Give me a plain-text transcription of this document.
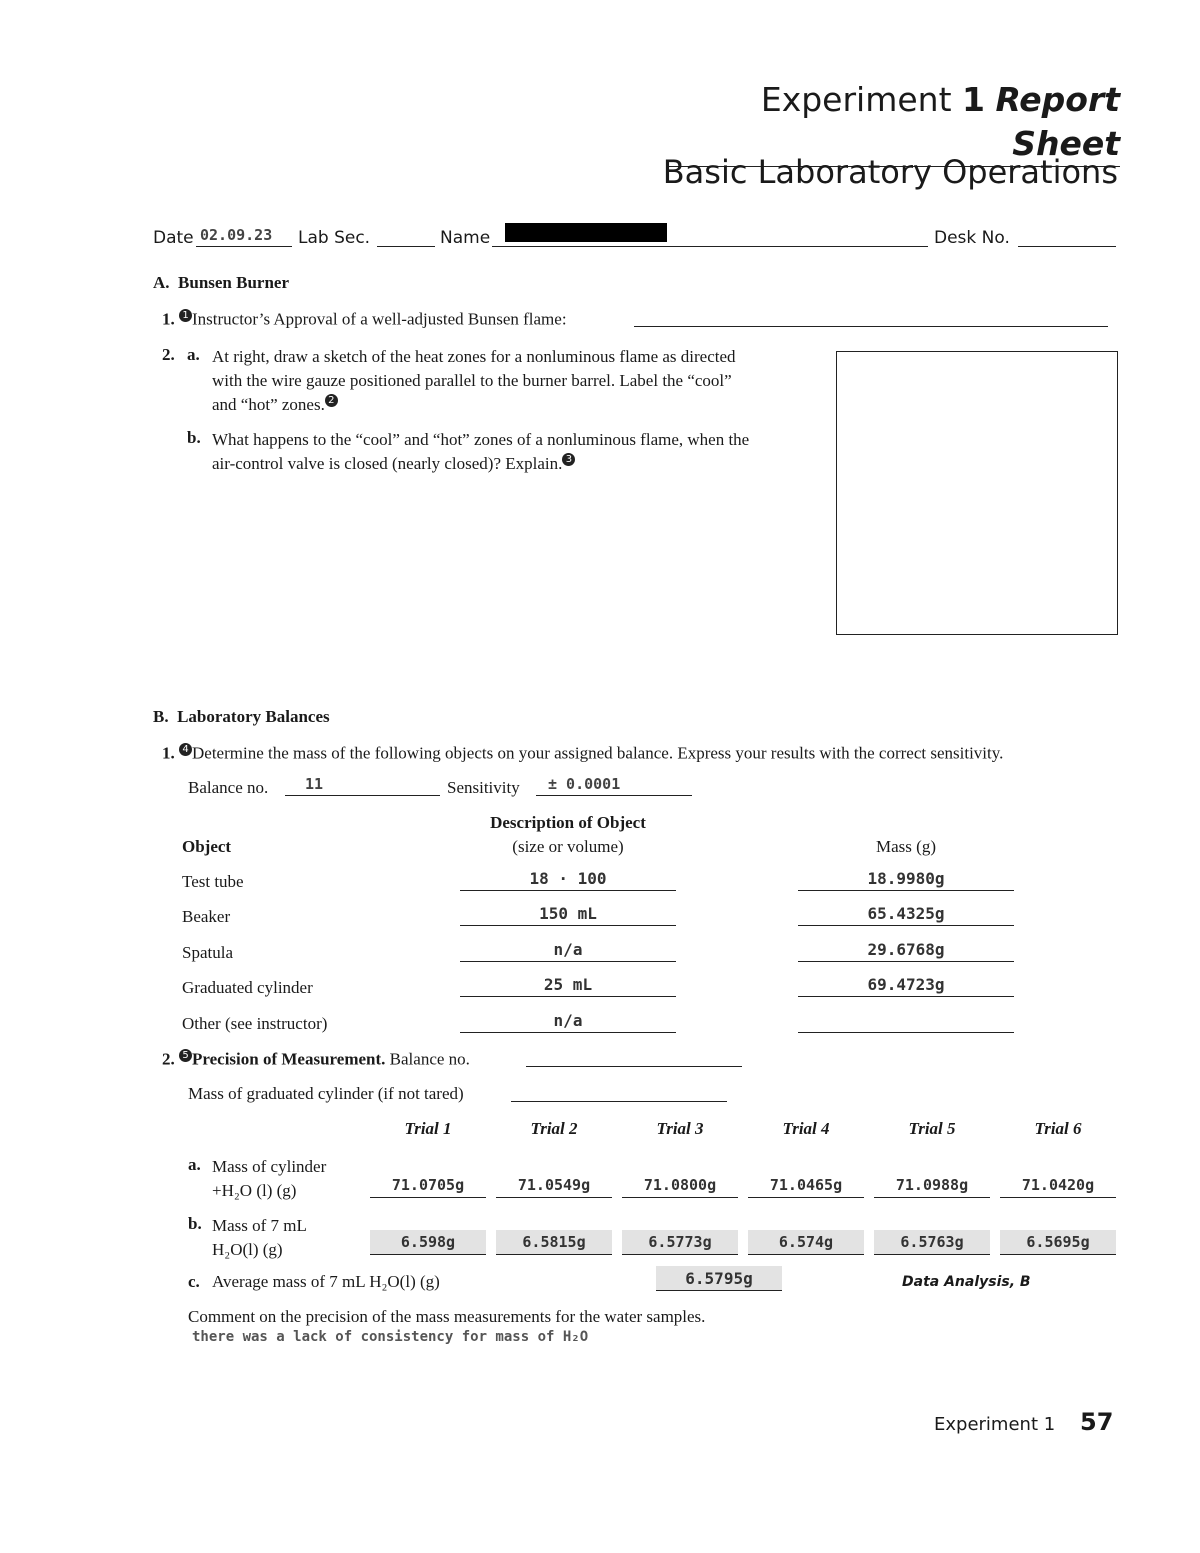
Experiment 1 Report Sheet
Basic Laboratory Operations
Date 02.09.23	Lab Sec.	Name	Desk No.
A.  Bunsen Burner
1. 1 Instructor’s Approval of a well-adjusted Bunsen flame:
2. a. At right, draw a sketch of the heat zones for a nonluminous flame as directed
with the wire gauze positioned parallel to the burner barrel. Label the “cool”
and “hot” zones. 2
b. What happens to the “cool” and “hot” zones of a nonluminous flame, when the
air-control valve is closed (nearly closed)? Explain. 3
B.  Laboratory Balances
1. 4 Determine the mass of the following objects on your assigned balance. Express your results with the correct sensitivity.
Balance no.	11	Sensitivity	± 0.0001
Object
Description of Object
(size or volume)	Mass (g)
Test tube	18 · 100	18.9980g
Beaker	150 mL	65.4325g
Spatula	n/a	29.6768g
Graduated cylinder	25 mL	69.4723g
Other (see instructor)	n/a
2. 5 Precision of Measurement. Balance no.
Mass of graduated cylinder (if not tared)
Trial 1	Trial 2	Trial 3	Trial 4	Trial 5	Trial 6
a. Mass of cylinder
+H₂O (l) (g)	71.0705g	71.0549g	71.0800g	71.0465g	71.0988g	71.0420g
b. Mass of 7 mL
H₂O(l) (g)	6.598g	6.5815g	6.5773g	6.574g	6.5763g	6.5695g
c. Average mass of 7 mL H₂O(l) (g)	6.5795g	Data Analysis, B
Comment on the precision of the mass measurements for the water samples.
there was a lack of consistency for mass of H₂O
Experiment 1 57
